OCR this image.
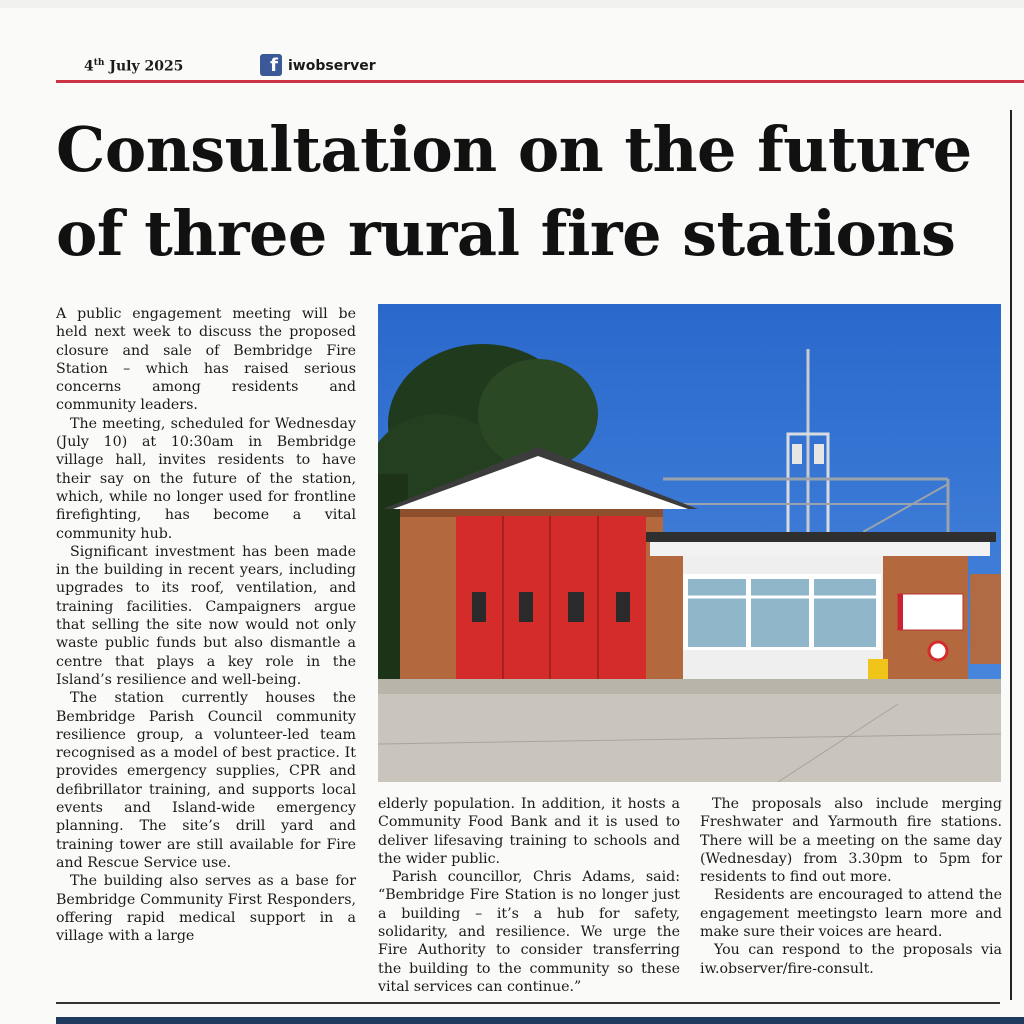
4th July 2025	f iwobserver
Consultation on the future of three rural fire stations

A public engagement meeting will be held next week to discuss the proposed closure and sale of Bembridge Fire Station – which has raised serious concerns among residents and community leaders.

The meeting, scheduled for Wednesday (July 10) at 10:30am in Bembridge village hall, invites residents to have their say on the future of the station, which, while no longer used for frontline firefighting, has become a vital community hub.

Significant investment has been made in the building in recent years, including upgrades to its roof, ventilation, and training facilities. Campaigners argue that selling the site now would not only waste public funds but also dismantle a centre that plays a key role in the Island’s resilience and well-being.

The station currently houses the Bembridge Parish Council community resilience group, a volunteer-led team recognised as a model of best practice. It provides emergency supplies, CPR and defibrillator training, and supports local events and Island-wide emergency planning. The site’s drill yard and training tower are still available for Fire and Rescue Service use.

The building also serves as a base for Bembridge Community First Responders, offering rapid medical support in a village with a large

elderly population. In addition, it hosts a Community Food Bank and it is used to deliver lifesaving training to schools and the wider public.

Parish councillor, Chris Adams, said: “Bembridge Fire Station is no longer just a building – it’s a hub for safety, solidarity, and resilience. We urge the Fire Authority to consider transferring the building to the community so these vital services can continue.”

The proposals also include merging Freshwater and Yarmouth fire stations. There will be a meeting on the same day (Wednesday) from 3.30pm to 5pm for residents to find out more.

Residents are encouraged to attend the engagement meetingsto learn more and make sure their voices are heard.

You can respond to the proposals via iw.observer/fire-consult.
